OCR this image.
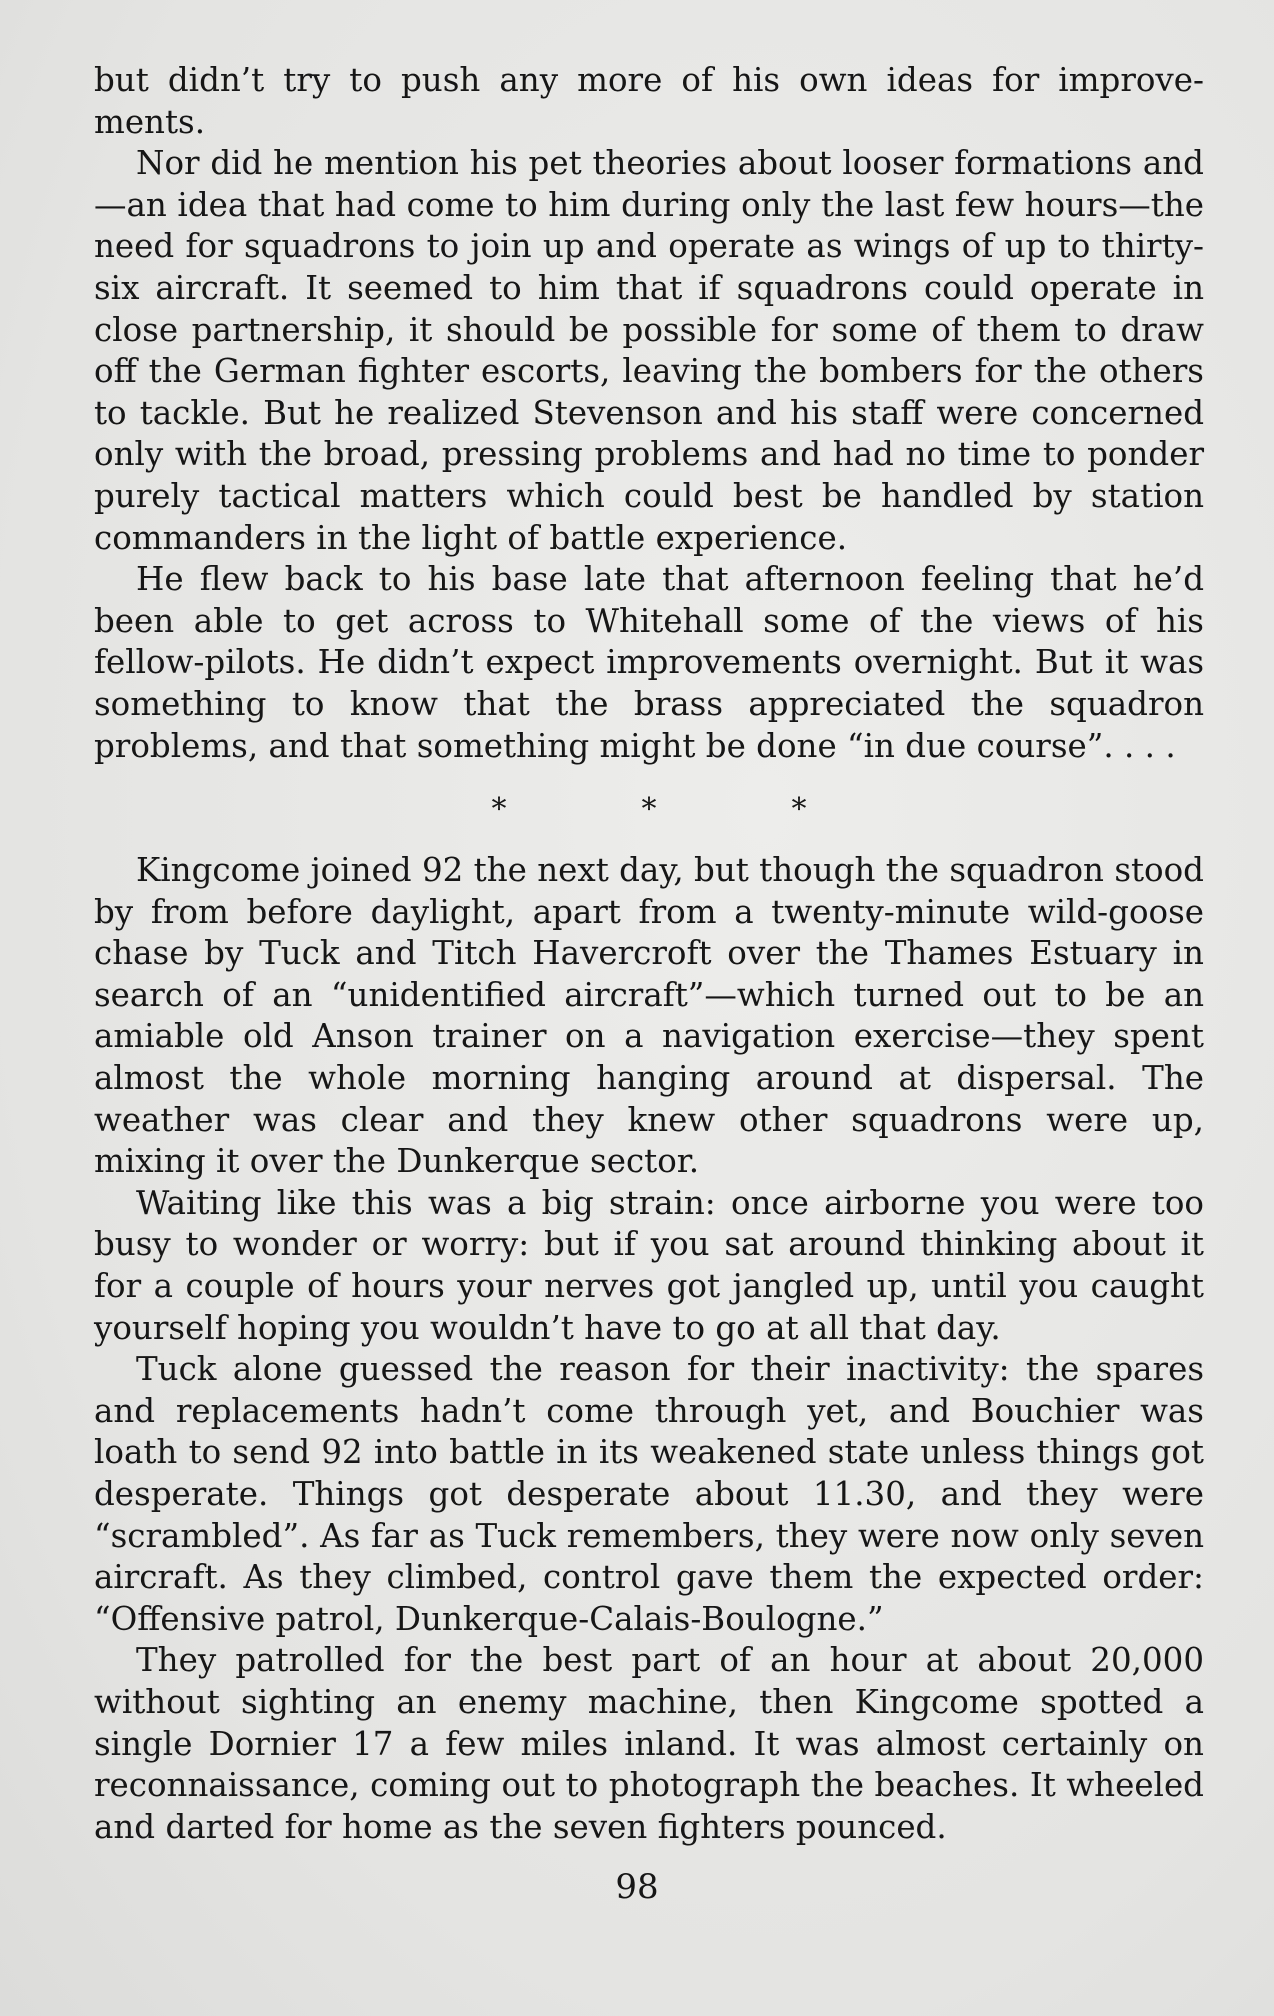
but didn’t try to push any more of his own ideas for improve-ments.

Nor did he mention his pet theories about looser formations and—an idea that had come to him during only the last few hours—the need for squadrons to join up and operate as wings of up to thirty-six aircraft. It seemed to him that if squadrons could operate in close partnership, it should be possible for some of them to draw off the German fighter escorts, leaving the bombers for the others to tackle. But he realized Stevenson and his staff were concerned only with the broad, pressing problems and had no time to ponder purely tactical matters which could best be handled by station commanders in the light of battle experience.

He flew back to his base late that afternoon feeling that he’d been able to get across to Whitehall some of the views of his fellow-pilots. He didn’t expect improvements overnight. But it was something to know that the brass appreciated the squadron problems, and that something might be done “in due course”. . . .

*	*	*

Kingcome joined 92 the next day, but though the squadron stood by from before daylight, apart from a twenty-minute wild-goose chase by Tuck and Titch Havercroft over the Thames Estuary in search of an “unidentified aircraft”—which turned out to be an amiable old Anson trainer on a navigation exercise—they spent almost the whole morning hanging around at dispersal. The weather was clear and they knew other squadrons were up, mixing it over the Dunkerque sector.

Waiting like this was a big strain: once airborne you were too busy to wonder or worry: but if you sat around thinking about it for a couple of hours your nerves got jangled up, until you caught yourself hoping you wouldn’t have to go at all that day.

Tuck alone guessed the reason for their inactivity: the spares and replacements hadn’t come through yet, and Bouchier was loath to send 92 into battle in its weakened state unless things got desperate. Things got desperate about 11.30, and they were “scrambled”. As far as Tuck remembers, they were now only seven aircraft. As they climbed, control gave them the expected order: “Offensive patrol, Dunkerque-Calais-Boulogne.”

They patrolled for the best part of an hour at about 20,000 without sighting an enemy machine, then Kingcome spotted a single Dornier 17 a few miles inland. It was almost certainly on reconnaissance, coming out to photograph the beaches. It wheeled and darted for home as the seven fighters pounced.

98
